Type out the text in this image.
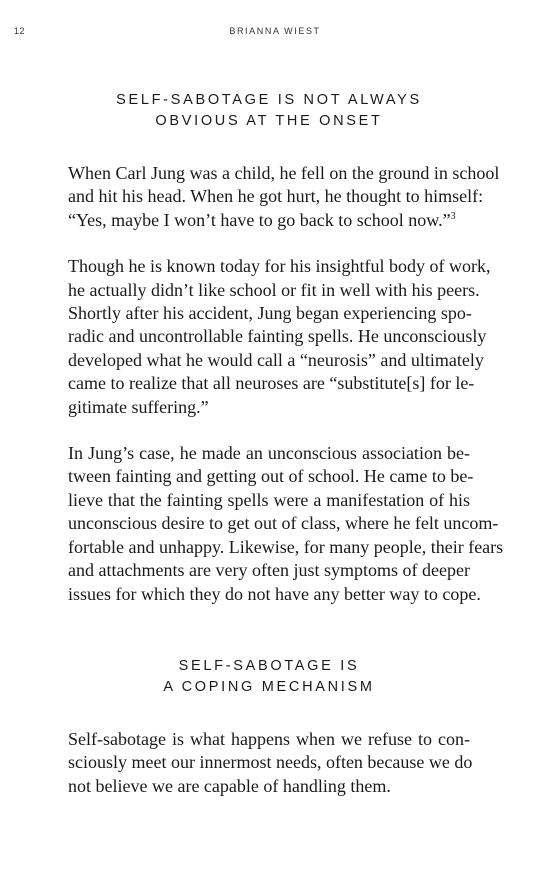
12	BRIANNA WIEST
SELF-SABOTAGE IS NOT ALWAYS
OBVIOUS AT THE ONSET

When Carl Jung was a child, he fell on the ground in school
and hit his head. When he got hurt, he thought to himself:
“Yes, maybe I won’t have to go back to school now.”$^3$

Though he is known today for his insightful body of work,
he actually didn’t like school or fit in well with his peers.
Shortly after his accident, Jung began experiencing spo-
radic and uncontrollable fainting spells. He unconsciously
developed what he would call a “neurosis” and ultimately
came to realize that all neuroses are “substitute[s] for le-
gitimate suffering.”

In Jung’s case, he made an unconscious association be-
tween fainting and getting out of school. He came to be-
lieve that the fainting spells were a manifestation of his
unconscious desire to get out of class, where he felt uncom-
fortable and unhappy. Likewise, for many people, their fears
and attachments are very often just symptoms of deeper
issues for which they do not have any better way to cope.

SELF-SABOTAGE IS
A COPING MECHANISM

Self-sabotage is what happens when we refuse to con-
sciously meet our innermost needs, often because we do
not believe we are capable of handling them.
